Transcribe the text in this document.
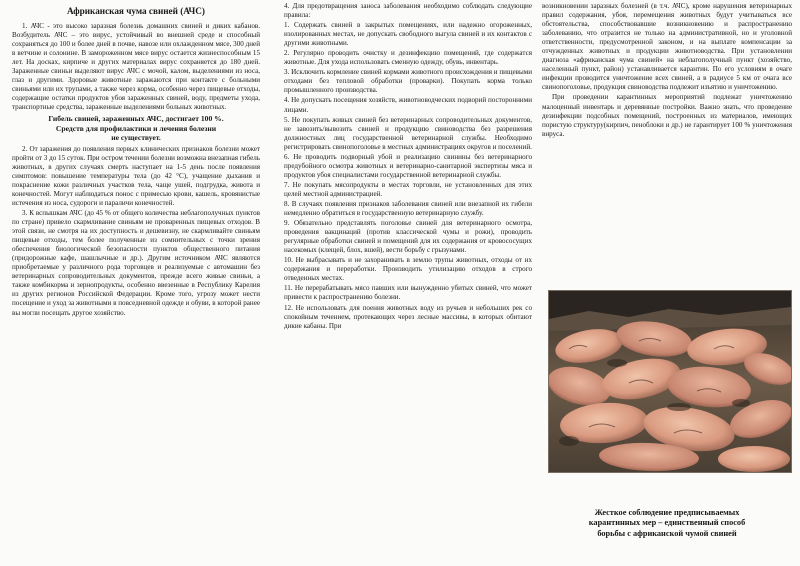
Африканская чума свиней (АЧС)

1. АЧС - это высоко заразная болезнь домашних свиней и диких кабанов. Возбудитель АЧС – это вирус, устойчивый во внешней среде и способный сохраняться до 100 и более дней в почве, навозе или охлажденном мясе, 300 дней в ветчине и солонине. В замороженном мясе вирус остается жизнеспособным 15 лет. На досках, кирпиче и других материалах вирус сохраняется до 180 дней. Зараженные свиньи выделяют вирус АЧС с мочой, калом, выделениями из носа, глаз и другими. Здоровые животные заражаются при контакте с больными свиньями или их трупами, а также через корма, особенно через пищевые отходы, содержащие остатки продуктов убоя зараженных свиней, воду, предметы ухода, транспортные средства, зараженные выделениями больных животных.

Гибель свиней, зараженных АЧС, достигает 100 %.
Средств для профилактики и лечения болезни
не существует.

2. От заражения до появления первых клинических признаков болезни может пройти от 3 до 15 суток. При остром течении болезни возможна внезапная гибель животных, в других случаях смерть наступает на 1-5 день после появления симптомов: повышение температуры тела (до 42 °С), учащение дыхания и покраснение кожи различных участков тела, чаще ушей, подгрудка, живота и конечностей. Могут наблюдаться понос с примесью крови, кашель, кровянистые истечения из носа, судороги и параличи конечностей.

3. К вспышкам АЧС (до 45 % от общего количества неблагополучных пунктов по стране) привело скармливание свиньям не проваренных пищевых отходов. В этой связи, не смотря на их доступность и дешевизну, не скармливайте свиньям пищевые отходы, тем более полученные из сомнительных с точки зрения обеспечения биологической безопасности пунктов общественного питания (придорожные кафе, шашлычные и др.). Другим источником АЧС являются приобретаемые у различного рода торговцев и реализуемые с автомашин без ветеринарных сопроводительных документов, прежде всего живые свиньи, а также комбикорма и зернопродукты, особенно ввезенные в Республику Карелия из других регионов Российской Федерации. Кроме того, угрозу может нести посещение и уход за животными в повседневной одежде и обуви, в которой ранее вы могли посещать другое хозяйство.

4. Для предотвращения заноса заболевания необходимо соблюдать следующие правила:

1. Содержать свиней в закрытых помещениях, или надежно огороженных, изолированных местах, не допускать свободного выгула свиней и их контактов с другими животными.

2. Регулярно проводить очистку и дезинфекцию помещений, где содержатся животные. Для ухода использовать сменную одежду, обувь, инвентарь.

3. Исключить кормление свиней кормами животного происхождения и пищевыми отходами без тепловой обработки (проварки). Покупать корма только промышленного производства.

4. Не допускать посещения хозяйств, животноводческих подворий посторонними лицами.

5. Не покупать живых свиней без ветеринарных сопроводительных документов, не завозить/вывозить свиней и продукцию свиноводства без разрешения должностных лиц государственной ветеринарной службы. Необходимо регистрировать свинопоголовье в местных администрациях округов и поселений.

6. Не проводить подворный убой и реализацию свинины без ветеринарного предубойного осмотра животных и ветеринарно-санитарной экспертизы мяса и продуктов убоя специалистами государственной ветеринарной службы.

7. Не покупать мясопродукты в местах торговли, не установленных для этих целей местной администрацией.

8. В случаях появления признаков заболевания свиней или внезапной их гибели немедленно обратиться в государственную ветеринарную службу.

9. Обязательно представлять поголовье свиней для ветеринарного осмотра, проведения вакцинаций (против классической чумы и рожи), проводить регулярные обработки свиней и помещений для их содержания от кровососущих насекомых (клещей, блох, вшей), вести борьбу с грызунами.

10. Не выбрасывать и не захоранивать в землю трупы животных, отходы от их содержания и переработки. Производить утилизацию отходов в строго отведенных местах.

11. Не перерабатывать мясо павших или вынужденно убитых свиней, что может привести к распространению болезни.

12. Не использовать для поения животных воду из ручьев и небольших рек со спокойным течением, протекающих через лесные массивы, в которых обитают дикие кабаны. При

возникновении заразных болезней (в т.ч. АЧС), кроме нарушения ветеринарных правил содержания, убоя, перемещения животных будут учитываться все обстоятельства, способствовавшие возникновению и распространению заболеванию, что отразится не только на административной, но и уголовной ответственности, предусмотренной законом, и на выплате компенсации за отчужденных животных и продукции животноводства. При установлении диагноза «африканская чума свиней» на неблагополучный пункт (хозяйство, населенный пункт, район) устанавливается карантин. По его условиям в очаге инфекции проводится уничтожение всех свиней, а в радиусе 5 км от очага все свинопоголовье, продукция свиноводства подлежит изъятию и уничтожению.

При проведении карантинных мероприятий подлежат уничтожению малоценный инвентарь и деревянные постройки. Важно знать, что проведение дезинфекции подсобных помещений, построенных из материалов, имеющих пористую структуру(кирпич, пеноблоки и др.) не гарантирует 100 % уничтожения вируса.

Жесткое соблюдение предписываемых
карантинных мер – единственный способ
борьбы с африканской чумой свиней
